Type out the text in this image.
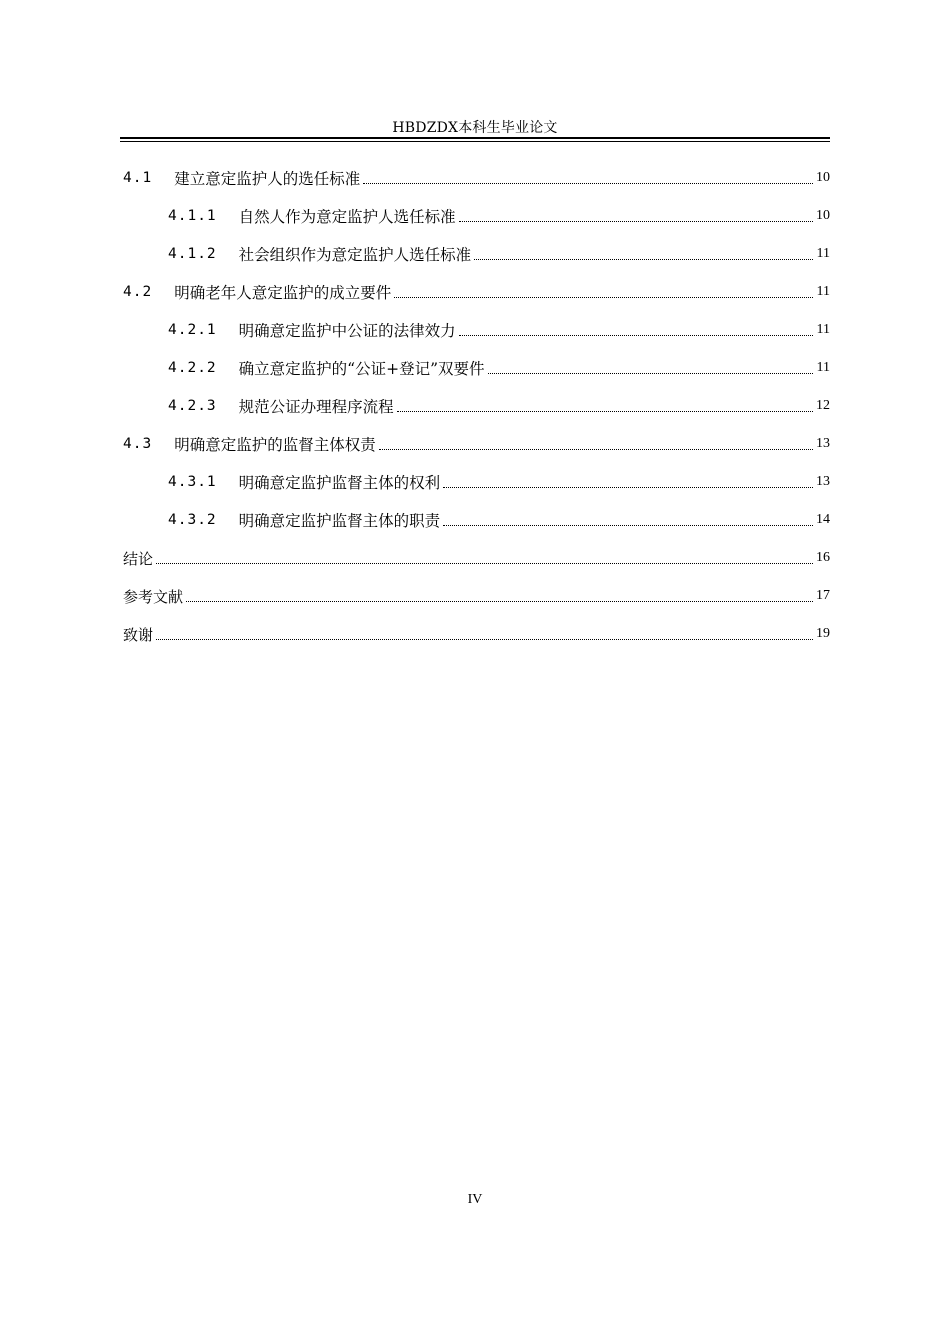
HBDZDX本科生毕业论文
4.1 建立意定监护人的选任标准	10
4.1.1 自然人作为意定监护人选任标准	10
4.1.2 社会组织作为意定监护人选任标准	11
4.2 明确老年人意定监护的成立要件	11
4.2.1 明确意定监护中公证的法律效力	11
4.2.2 确立意定监护的“公证+登记”双要件	11
4.2.3 规范公证办理程序流程	12
4.3 明确意定监护的监督主体权责	13
4.3.1 明确意定监护监督主体的权利	13
4.3.2 明确意定监护监督主体的职责	14
结论	16
参考文献	17
致谢	19
IV
